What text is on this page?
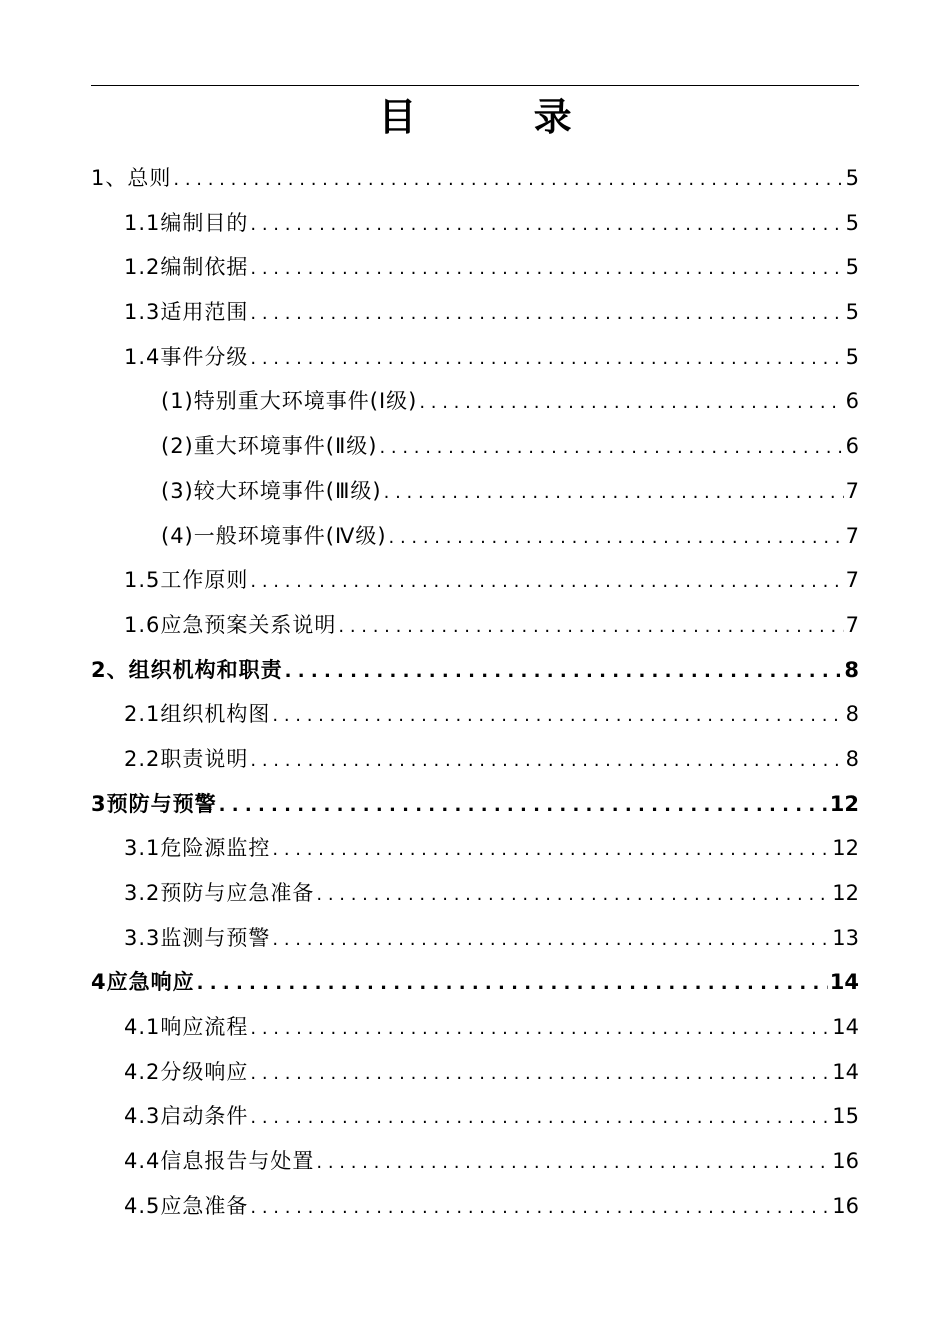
目 录
1、总则 . . .	5
1.1编制目的 . . .	5
1.2编制依据 . . .	5
1.3适用范围 . . .	5
1.4事件分级 . . .	5
(1)特别重大环境事件(Ⅰ级) . . .	6
(2)重大环境事件(Ⅱ级) . . .	6
(3)较大环境事件(Ⅲ级) . . .	7
(4)一般环境事件(Ⅳ级) . . .	7
1.5工作原则 . . .	7
1.6应急预案关系说明 . . .	7
2、组织机构和职责 . . .	8
2.1组织机构图 . . .	8
2.2职责说明 . . .	8
3预防与预警 . . .	12
3.1危险源监控 . . .	12
3.2预防与应急准备 . . .	12
3.3监测与预警 . . .	13
4应急响应 . . .	14
4.1响应流程 . . .	14
4.2分级响应 . . .	14
4.3启动条件 . . .	15
4.4信息报告与处置 . . .	16
4.5应急准备 . . .	16
